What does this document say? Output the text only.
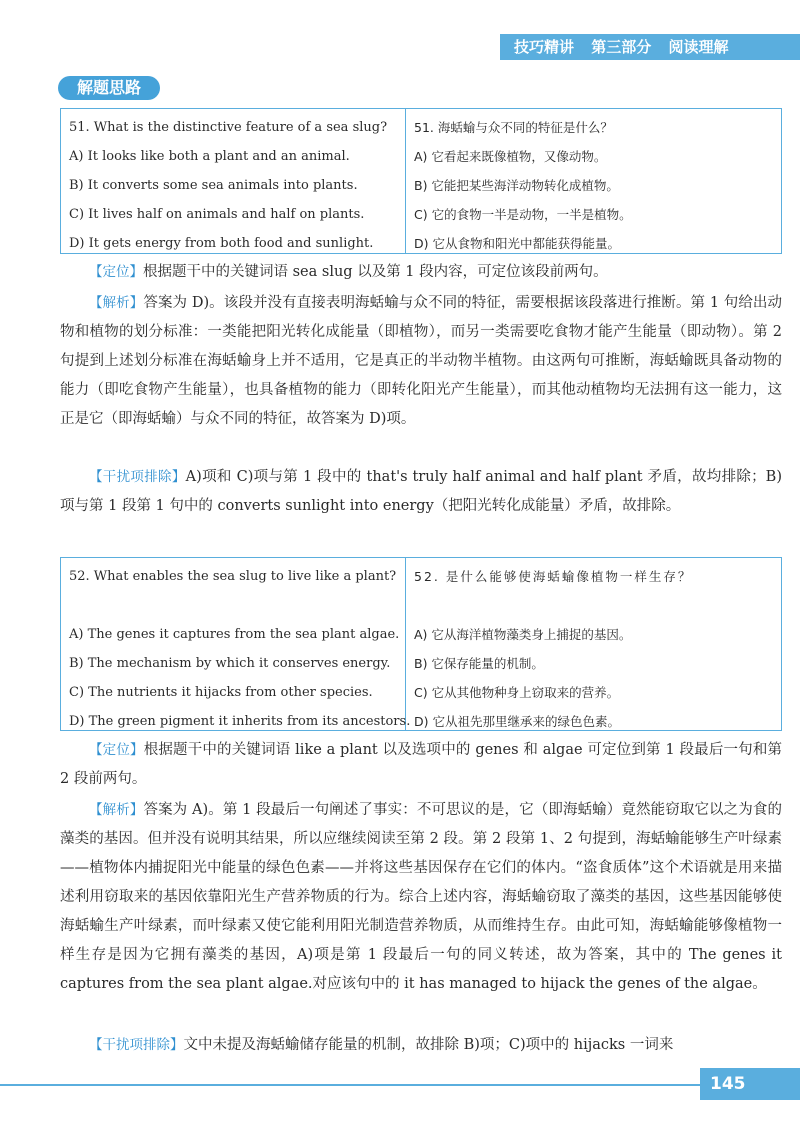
技巧精讲 第三部分 阅读理解
解题思路
51. What is the distinctive feature of a sea slug?
A) It looks like both a plant and an animal.
B) It converts some sea animals into plants.
C) It lives half on animals and half on plants.
D) It gets energy from both food and sunlight.
51. 海蛞蝓与众不同的特征是什么？
A) 它看起来既像植物，又像动物。
B) 它能把某些海洋动物转化成植物。
C) 它的食物一半是动物，一半是植物。
D) 它从食物和阳光中都能获得能量。

【定位】根据题干中的关键词语 sea slug 以及第 1 段内容，可定位该段前两句。

【解析】答案为 D)。该段并没有直接表明海蛞蝓与众不同的特征，需要根据该段落进行推断。第 1 句给出动物和植物的划分标准：一类能把阳光转化成能量（即植物），而另一类需要吃食物才能产生能量（即动物）。第 2 句提到上述划分标准在海蛞蝓身上并不适用，它是真正的半动物半植物。由这两句可推断，海蛞蝓既具备动物的能力（即吃食物产生能量），也具备植物的能力（即转化阳光产生能量），而其他动植物均无法拥有这一能力，这正是它（即海蛞蝓）与众不同的特征，故答案为 D)项。

【干扰项排除】A)项和 C)项与第 1 段中的 that's truly half animal and half plant 矛盾，故均排除；B)项与第 1 段第 1 句中的 converts sunlight into energy（把阳光转化成能量）矛盾，故排除。

52. What enables the sea slug to live like a plant?
A) The genes it captures from the sea plant algae.
B) The mechanism by which it conserves energy.
C) The nutrients it hijacks from other species.
D) The green pigment it inherits from its ancestors.
52. 是什么能够使海蛞蝓像植物一样生存？
A) 它从海洋植物藻类身上捕捉的基因。
B) 它保存能量的机制。
C) 它从其他物种身上窃取来的营养。
D) 它从祖先那里继承来的绿色色素。

【定位】根据题干中的关键词语 like a plant 以及选项中的 genes 和 algae 可定位到第 1 段最后一句和第 2 段前两句。

【解析】答案为 A)。第 1 段最后一句阐述了事实：不可思议的是，它（即海蛞蝓）竟然能窃取它以之为食的藻类的基因。但并没有说明其结果，所以应继续阅读至第 2 段。第 2 段第 1、2 句提到，海蛞蝓能够生产叶绿素——植物体内捕捉阳光中能量的绿色色素——并将这些基因保存在它们的体内。“盗食质体”这个术语就是用来描述利用窃取来的基因依靠阳光生产营养物质的行为。综合上述内容，海蛞蝓窃取了藻类的基因，这些基因能够使海蛞蝓生产叶绿素，而叶绿素又使它能利用阳光制造营养物质，从而维持生存。由此可知，海蛞蝓能够像植物一样生存是因为它拥有藻类的基因，A)项是第 1 段最后一句的同义转述，故为答案，其中的 The genes it captures from the sea plant algae.对应该句中的 it has managed to hijack the genes of the algae。

【干扰项排除】文中未提及海蛞蝓储存能量的机制，故排除 B)项；C)项中的 hijacks 一词来

145
